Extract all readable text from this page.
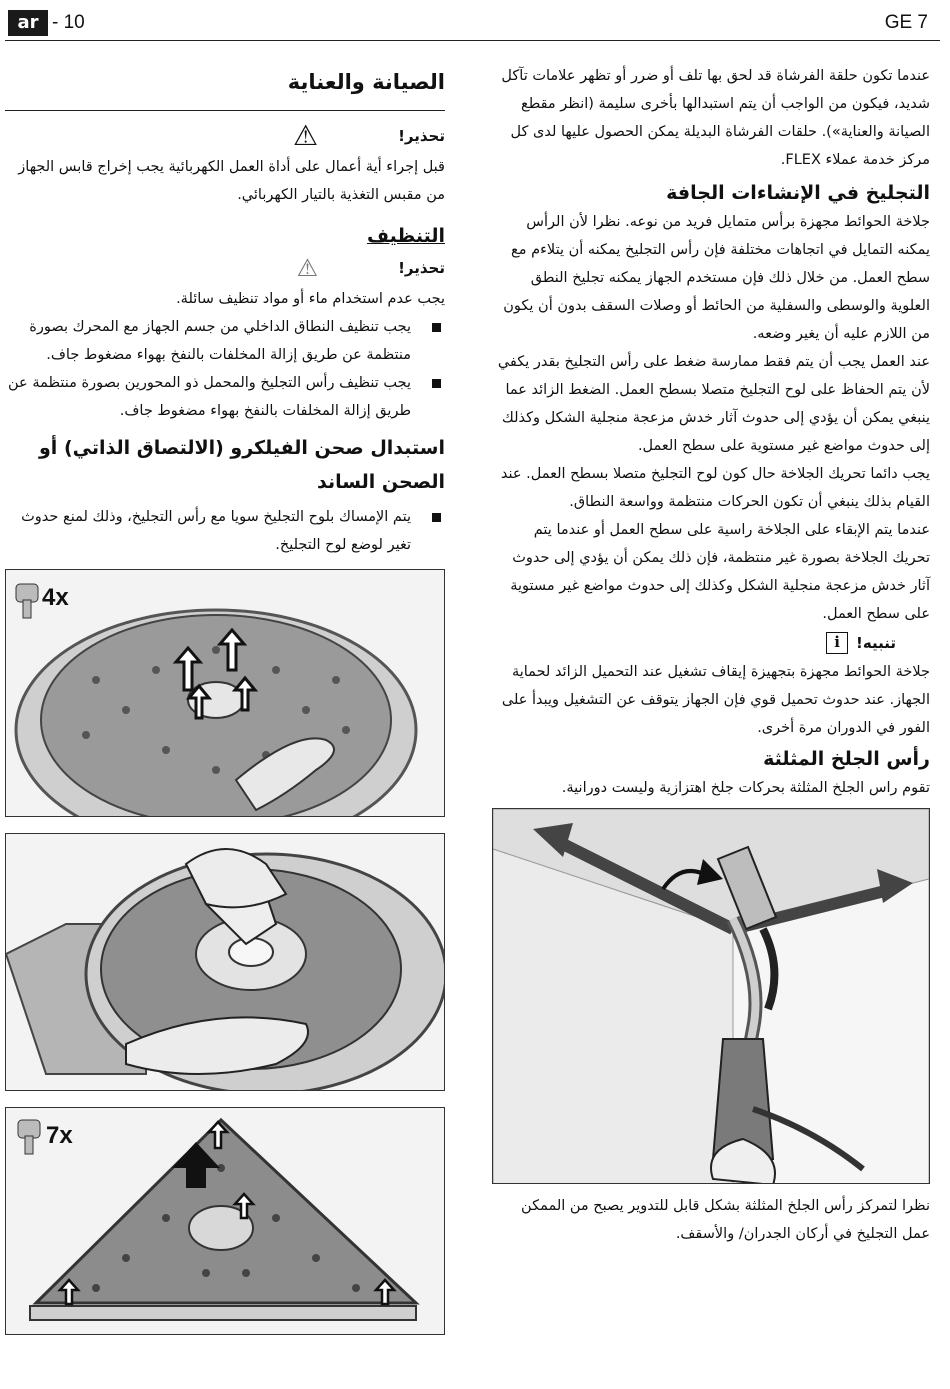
ar - 10	GE 7
الصيانة والعناية
تحذير!
⚠

قبل إجراء أية أعمال على أداة العمل الكهربائية يجب إخراج قابس الجهاز من مقبس التغذية بالتيار الكهربائي.

التنظيف
تحذير!
⚠

يجب عدم استخدام ماء أو مواد تنظيف سائلة.

يجب تنظيف النطاق الداخلي من جسم الجهاز مع المحرك بصورة منتظمة عن طريق إزالة المخلفات بالنفخ بهواء مضغوط جاف.
يجب تنظيف رأس التجليخ والمحمل ذو المحورين بصورة منتظمة عن طريق إزالة المخلفات بالنفخ بهواء مضغوط جاف.
استبدال صحن الفيلكرو (الالتصاق الذاتي) أو الصحن الساند
يتم الإمساك بلوح التجليخ سويا مع رأس التجليخ، وذلك لمنع حدوث تغير لوضع لوح التجليخ.
4x
7x

عندما تكون حلقة الفرشاة قد لحق بها تلف أو ضرر أو تظهر علامات تآكل شديد، فيكون من الواجب أن يتم استبدالها بأخرى سليمة (انظر مقطع الصيانة والعناية»). حلقات الفرشاة البديلة يمكن الحصول عليها لدى كل مركز خدمة عملاء FLEX.

التجليخ في الإنشاءات الجافة

جلاخة الحوائط مجهزة برأس متمايل فريد من نوعه. نظرا لأن الرأس يمكنه التمايل في اتجاهات مختلفة فإن رأس التجليخ يمكنه أن يتلاءم مع سطح العمل. من خلال ذلك فإن مستخدم الجهاز يمكنه تجليخ النطق العلوية والوسطى والسفلية من الحائط أو وصلات السقف بدون أن يكون من اللازم عليه أن يغير وضعه.

عند العمل يجب أن يتم فقط ممارسة ضغط على رأس التجليخ بقدر يكفي لأن يتم الحفاظ على لوح التجليخ متصلا بسطح العمل. الضغط الزائد عما ينبغي يمكن أن يؤدي إلى حدوث آثار خدش مزعجة منجلية الشكل وكذلك إلى حدوث مواضع غير مستوية على سطح العمل.

يجب دائما تحريك الجلاخة حال كون لوح التجليخ متصلا بسطح العمل. عند القيام بذلك ينبغي أن تكون الحركات منتظمة وواسعة النطاق.

عندما يتم الإبقاء على الجلاخة راسية على سطح العمل أو عندما يتم تحريك الجلاخة بصورة غير منتظمة، فإن ذلك يمكن أن يؤدي إلى حدوث آثار خدش مزعجة منجلية الشكل وكذلك إلى حدوث مواضع غير مستوية على سطح العمل.

تنبيه!
i

جلاخة الحوائط مجهزة بتجهيزة إيقاف تشغيل عند التحميل الزائد لحماية الجهاز. عند حدوث تحميل قوي فإن الجهاز يتوقف عن التشغيل ويبدأ على الفور في الدوران مرة أخرى.

رأس الجلخ المثلثة

تقوم راس الجلخ المثلثة بحركات جلخ اهتزازية وليست دورانية.

نظرا لتمركز رأس الجلخ المثلثة بشكل قابل للتدوير يصبح من الممكن عمل التجليخ في أركان الجدران/ والأسقف.
